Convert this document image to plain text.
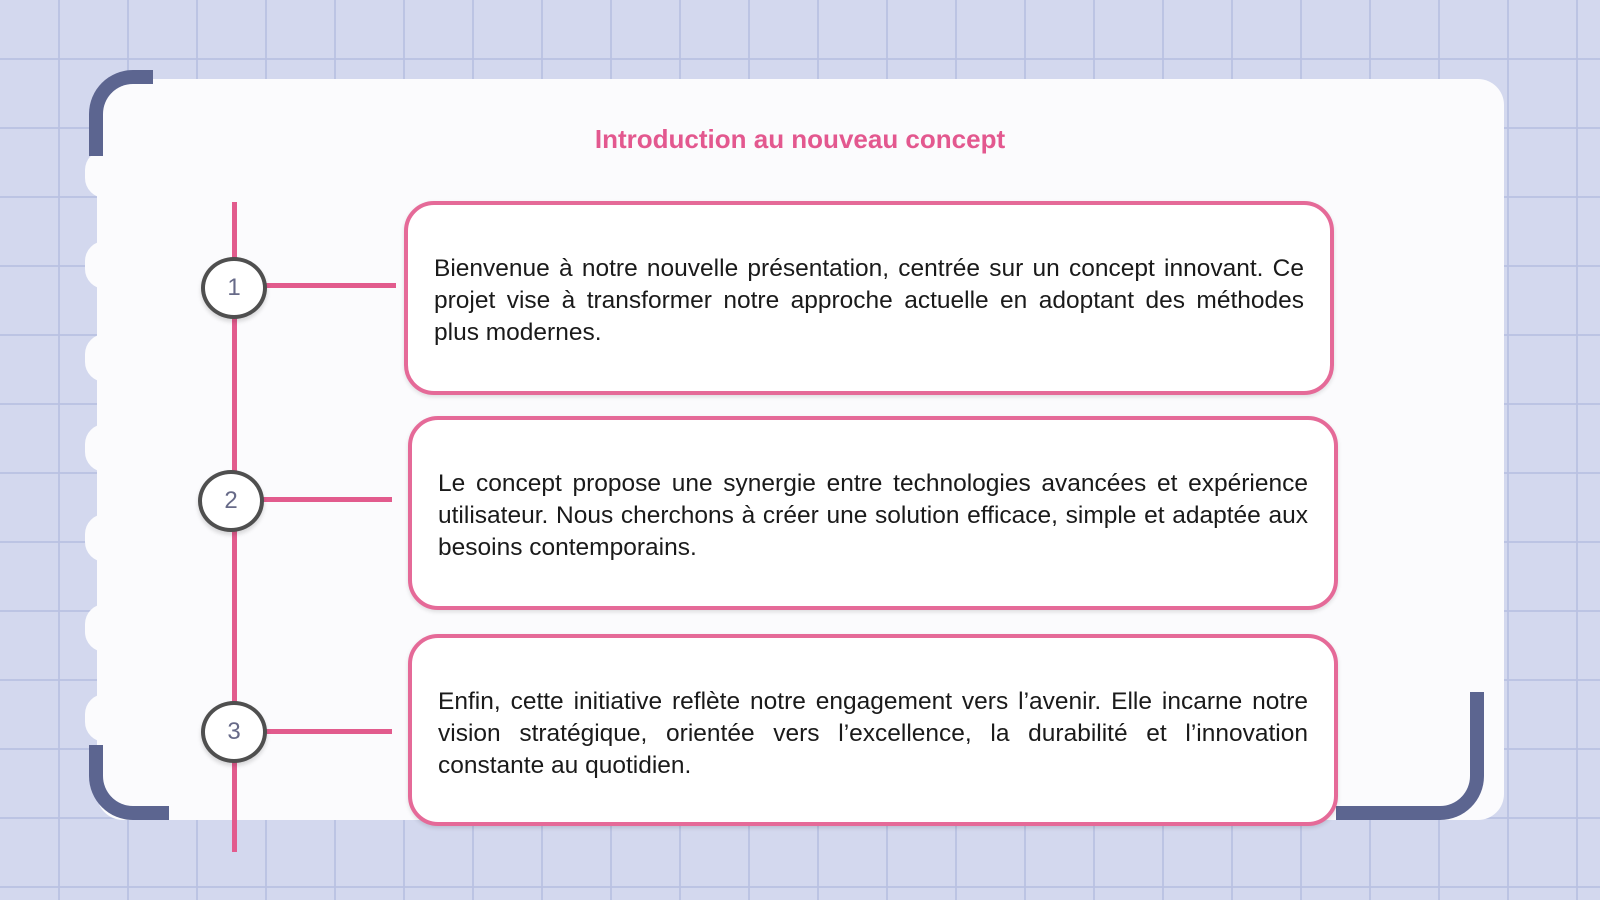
Introduction au nouveau concept
1
2
3

Bienvenue à notre nouvelle présentation, centrée sur un concept innovant. Ce projet vise à transformer notre approche actuelle en adoptant des méthodes plus modernes.

Le concept propose une synergie entre technologies avancées et expérience utilisateur. Nous cherchons à créer une solution efficace, simple et adaptée aux besoins contemporains.

Enfin, cette initiative reflète notre engagement vers l’avenir. Elle incarne notre vision stratégique, orientée vers l’excellence, la durabilité et l’innovation constante au quotidien.
